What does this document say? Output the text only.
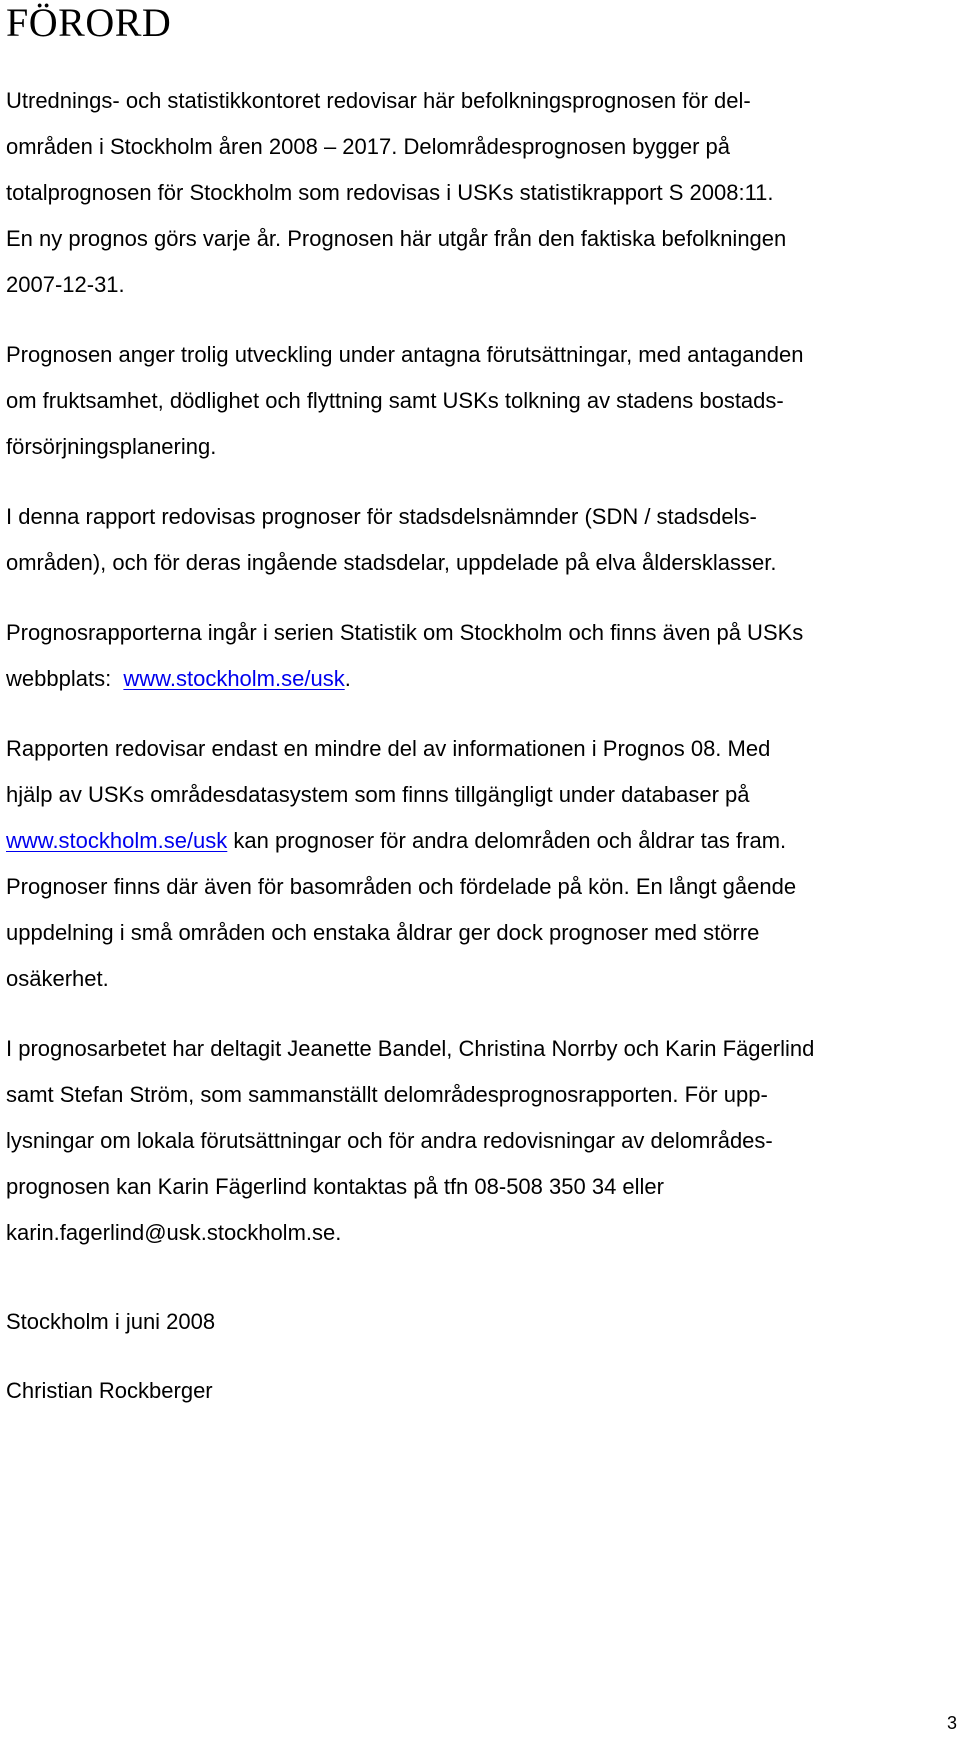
FÖRORD

Utrednings- och statistikkontoret redovisar här befolkningsprognosen för del-
områden i Stockholm åren 2008 – 2017. Delområdesprognosen bygger på
totalprognosen för Stockholm som redovisas i USKs statistikrapport S 2008:11.
En ny prognos görs varje år. Prognosen här utgår från den faktiska befolkningen
2007-12-31.

Prognosen anger trolig utveckling under antagna förutsättningar, med antaganden
om fruktsamhet, dödlighet och flyttning samt USKs tolkning av stadens bostads-
försörjningsplanering.

I denna rapport redovisas prognoser för stadsdelsnämnder (SDN / stadsdels-
områden), och för deras ingående stadsdelar, uppdelade på elva åldersklasser.

Prognosrapporterna ingår i serien Statistik om Stockholm och finns även på USKs
webbplats:  www.stockholm.se/usk.

Rapporten redovisar endast en mindre del av informationen i Prognos 08. Med
hjälp av USKs områdesdatasystem som finns tillgängligt under databaser på
www.stockholm.se/usk kan prognoser för andra delområden och åldrar tas fram.
Prognoser finns där även för basområden och fördelade på kön. En långt gående
uppdelning i små områden och enstaka åldrar ger dock prognoser med större
osäkerhet.

I prognosarbetet har deltagit Jeanette Bandel, Christina Norrby och Karin Fägerlind
samt Stefan Ström, som sammanställt delområdesprognosrapporten. För upp-
lysningar om lokala förutsättningar och för andra redovisningar av delområdes-
prognosen kan Karin Fägerlind kontaktas på tfn 08-508 350 34 eller
karin.fagerlind@usk.stockholm.se.

Stockholm i juni 2008
Christian Rockberger
3
